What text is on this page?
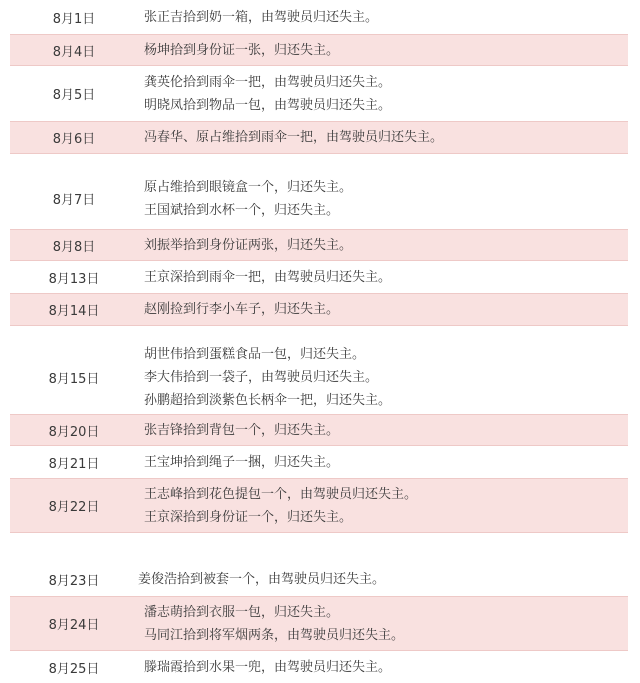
8月1日	张正吉拾到奶一箱，由驾驶员归还失主。
8月4日	杨坤拾到身份证一张，归还失主。
8月5日
龚英伦拾到雨伞一把，由驾驶员归还失主。
明晓凤拾到物品一包，由驾驶员归还失主。
8月6日	冯春华、原占维拾到雨伞一把，由驾驶员归还失主。
8月7日
原占维拾到眼镜盒一个，归还失主。
王国斌拾到水杯一个，归还失主。
8月8日	刘振举拾到身份证两张，归还失主。
8月13日	王京深拾到雨伞一把，由驾驶员归还失主。
8月14日	赵刚捡到行李小车子，归还失主。
8月15日
胡世伟拾到蛋糕食品一包，归还失主。
李大伟拾到一袋子，由驾驶员归还失主。
孙鹏超拾到淡紫色长柄伞一把，归还失主。
8月20日	张吉锋拾到背包一个，归还失主。
8月21日	王宝坤拾到绳子一捆，归还失主。
8月22日
王志峰拾到花色提包一个，由驾驶员归还失主。
王京深拾到身份证一个，归还失主。
8月23日	姜俊浩拾到被套一个，由驾驶员归还失主。
8月24日
潘志萌拾到衣服一包，归还失主。
马同江拾到将军烟两条，由驾驶员归还失主。
8月25日	滕瑞霞拾到水果一兜，由驾驶员归还失主。
